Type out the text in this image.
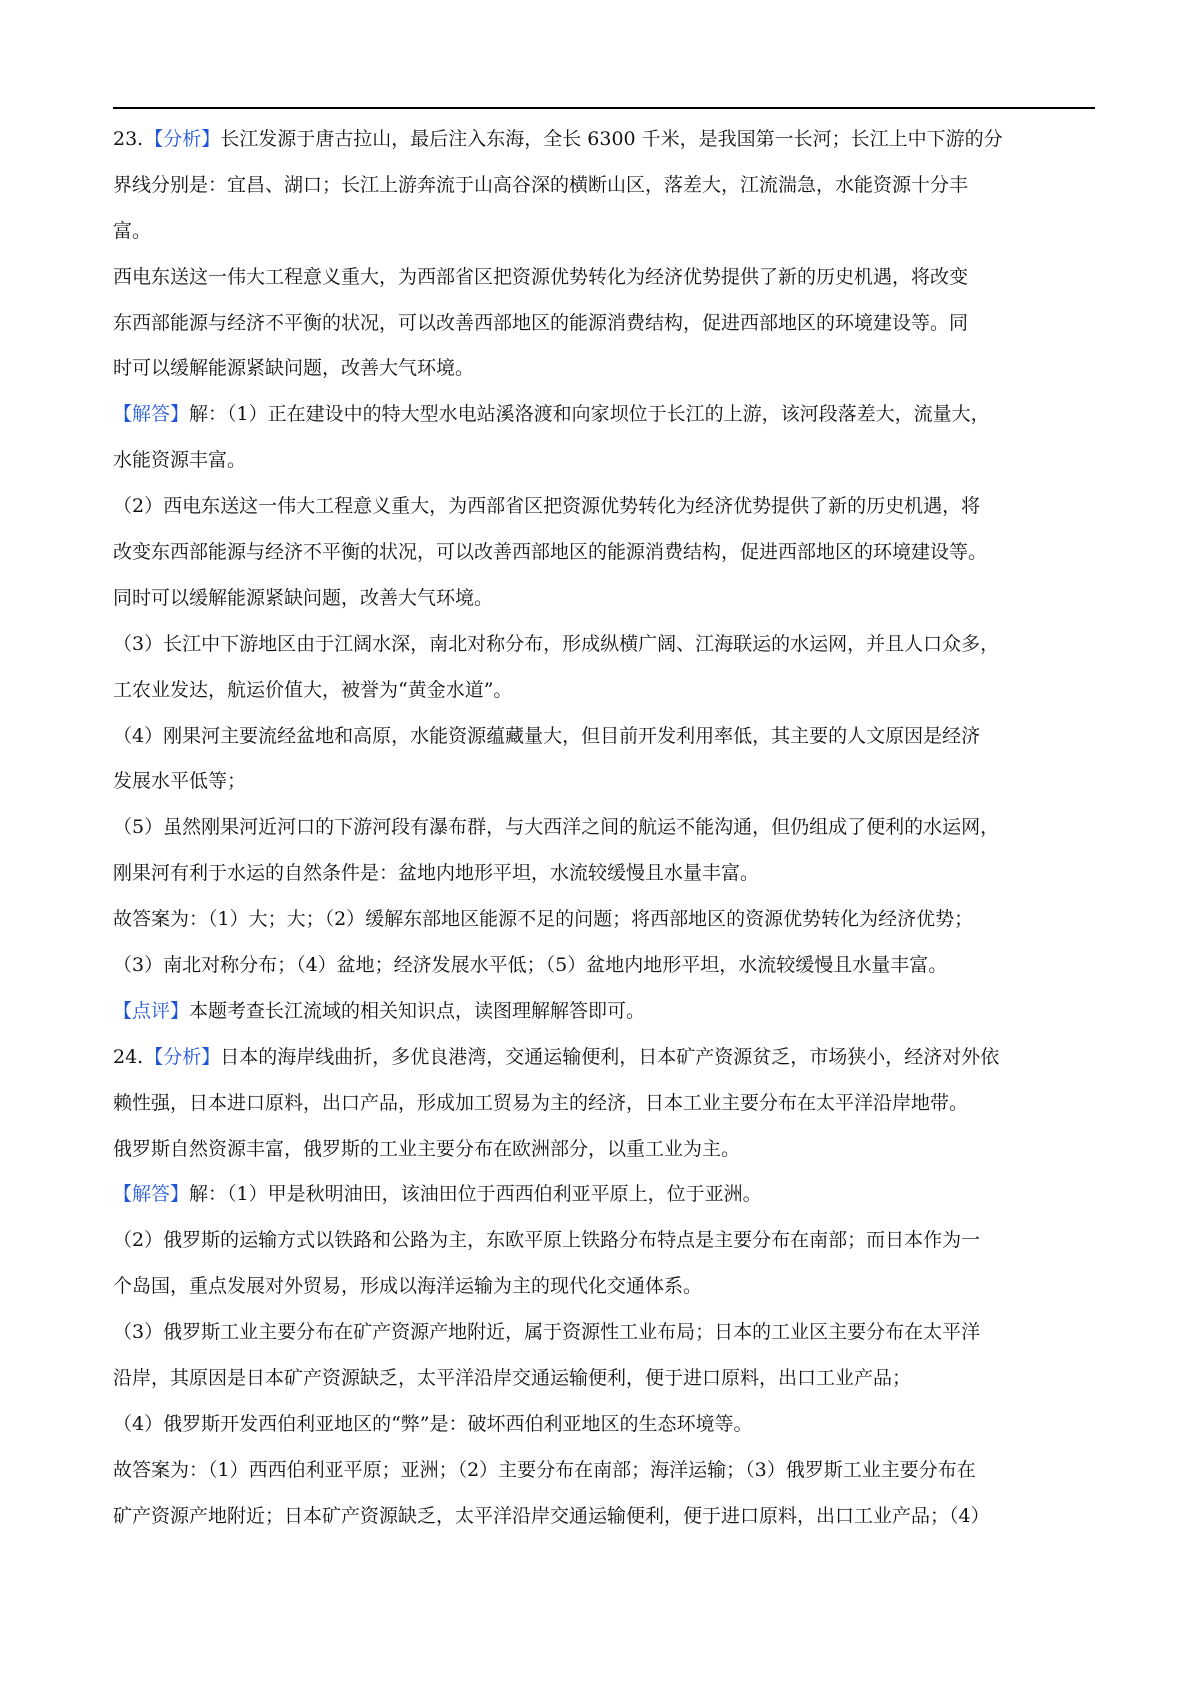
23.【分析】长江发源于唐古拉山，最后注入东海，全长 6300 千米，是我国第一长河；长江上中下游的分
界线分别是：宜昌、湖口；长江上游奔流于山高谷深的横断山区，落差大，江流湍急，水能资源十分丰
富。
西电东送这一伟大工程意义重大，为西部省区把资源优势转化为经济优势提供了新的历史机遇，将改变
东西部能源与经济不平衡的状况，可以改善西部地区的能源消费结构，促进西部地区的环境建设等。同
时可以缓解能源紧缺问题，改善大气环境。
【解答】解：（1）正在建设中的特大型水电站溪洛渡和向家坝位于长江的上游，该河段落差大，流量大，
水能资源丰富。
（2）西电东送这一伟大工程意义重大，为西部省区把资源优势转化为经济优势提供了新的历史机遇，将
改变东西部能源与经济不平衡的状况，可以改善西部地区的能源消费结构，促进西部地区的环境建设等。
同时可以缓解能源紧缺问题，改善大气环境。
（3）长江中下游地区由于江阔水深，南北对称分布，形成纵横广阔、江海联运的水运网，并且人口众多，
工农业发达，航运价值大，被誉为“黄金水道”。
（4）刚果河主要流经盆地和高原，水能资源蕴藏量大，但目前开发利用率低，其主要的人文原因是经济
发展水平低等；
（5）虽然刚果河近河口的下游河段有瀑布群，与大西洋之间的航运不能沟通，但仍组成了便利的水运网，
刚果河有利于水运的自然条件是：盆地内地形平坦，水流较缓慢且水量丰富。
故答案为：（1）大；大；（2）缓解东部地区能源不足的问题；将西部地区的资源优势转化为经济优势；
（3）南北对称分布；（4）盆地；经济发展水平低；（5）盆地内地形平坦，水流较缓慢且水量丰富。
【点评】本题考查长江流域的相关知识点，读图理解解答即可。
24.【分析】日本的海岸线曲折，多优良港湾，交通运输便利，日本矿产资源贫乏，市场狭小，经济对外依
赖性强，日本进口原料，出口产品，形成加工贸易为主的经济，日本工业主要分布在太平洋沿岸地带。
俄罗斯自然资源丰富，俄罗斯的工业主要分布在欧洲部分，以重工业为主。
【解答】解：（1）甲是秋明油田，该油田位于西西伯利亚平原上，位于亚洲。
（2）俄罗斯的运输方式以铁路和公路为主，东欧平原上铁路分布特点是主要分布在南部；而日本作为一
个岛国，重点发展对外贸易，形成以海洋运输为主的现代化交通体系。
（3）俄罗斯工业主要分布在矿产资源产地附近，属于资源性工业布局；日本的工业区主要分布在太平洋
沿岸，其原因是日本矿产资源缺乏，太平洋沿岸交通运输便利，便于进口原料，出口工业产品；
（4）俄罗斯开发西伯利亚地区的“弊”是：破坏西伯利亚地区的生态环境等。
故答案为：（1）西西伯利亚平原；亚洲；（2）主要分布在南部；海洋运输；（3）俄罗斯工业主要分布在
矿产资源产地附近；日本矿产资源缺乏，太平洋沿岸交通运输便利，便于进口原料，出口工业产品；（4）
